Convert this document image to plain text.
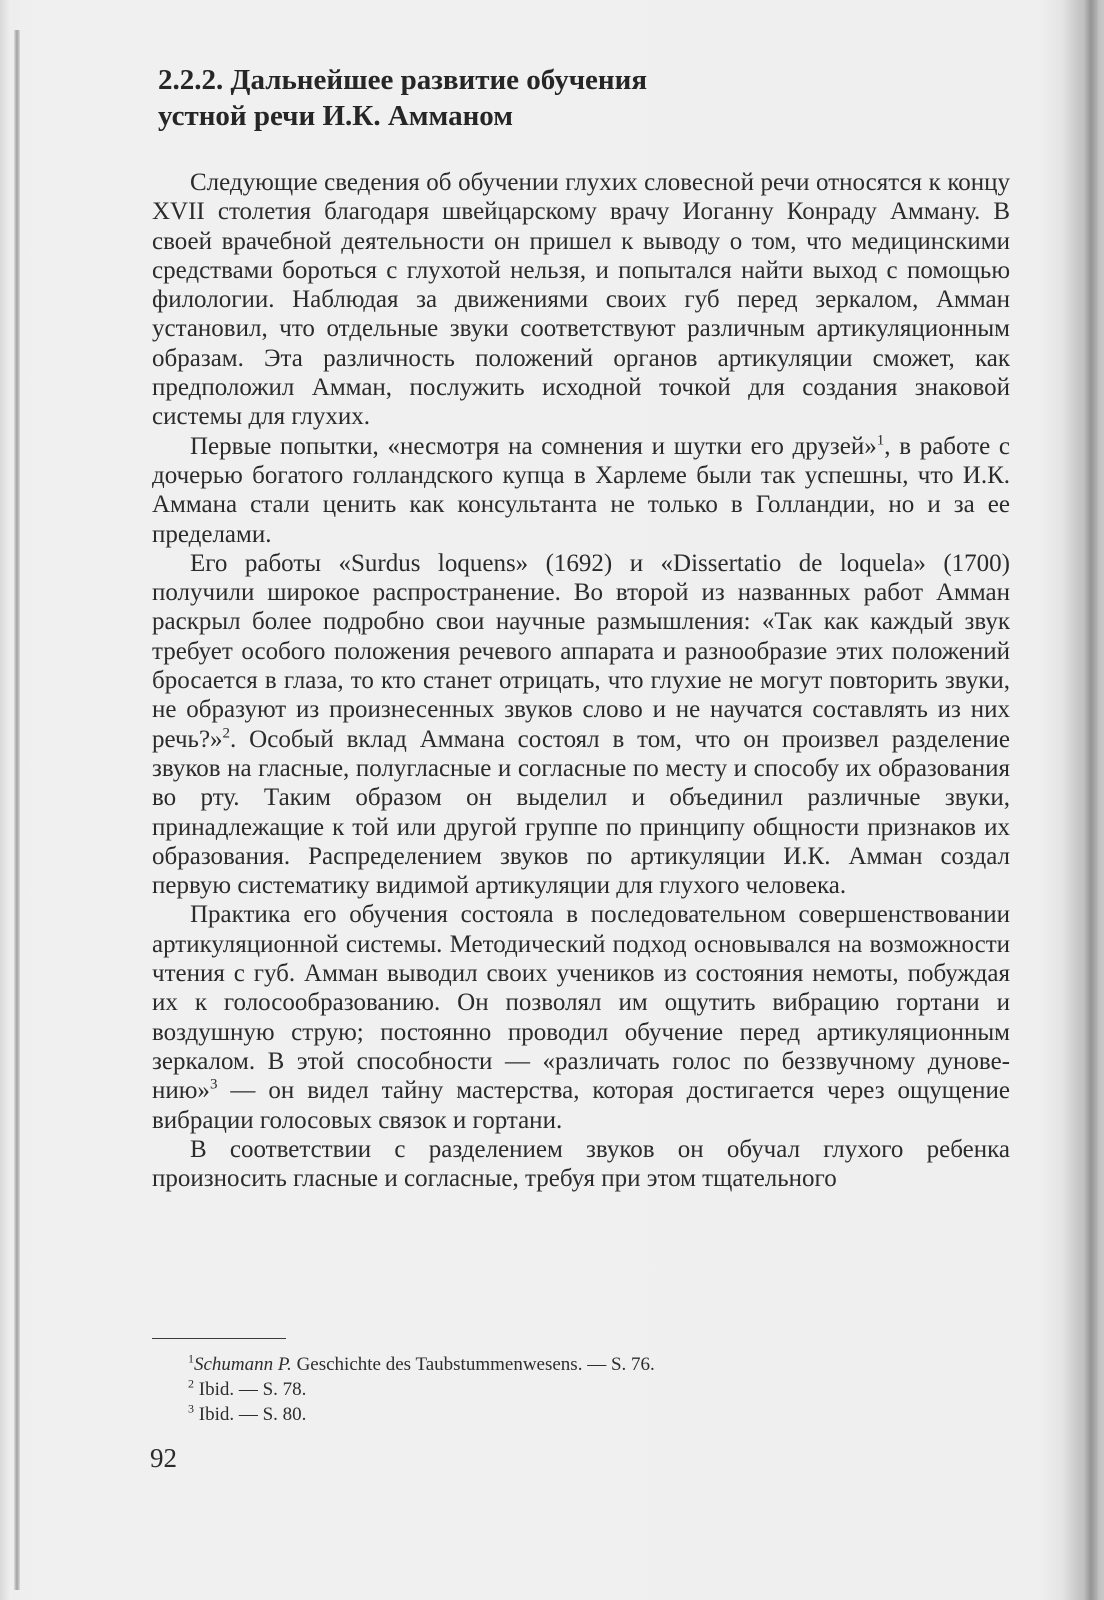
2.2.2. Дальнейшее развитие обучения
устной речи И.К. Амманом

Следующие сведения об обучении глухих словесной речи относятся к концу XVII столетия благодаря швейцарскому врачу Иоганну Конраду Амману. В своей врачебной деятельности он пришел к выводу о том, что медицинскими средствами бороться с глухотой нельзя, и попытался найти выход с помощью филологии. Наблюдая за движениями своих губ перед зеркалом, Амман установил, что отдельные звуки соответствуют различным артикуляционным образам. Эта различность положений органов артикуляции сможет, как предположил Амман, послужить исходной точкой для создания знаковой системы для глухих.

Первые попытки, «несмотря на сомнения и шутки его друзей»$^1$, в работе с дочерью богатого голландского купца в Харлеме были так успешны, что И.К. Аммана стали ценить как консультанта не только в Голландии, но и за ее пределами.

Его работы «Surdus loquens» (1692) и «Dissertatio de loquela» (1700) получили широкое распространение. Во второй из названных работ Амман раскрыл более подробно свои научные размышления: «Так как каждый звук требует особого положения речевого аппарата и разнообразие этих положений бросается в глаза, то кто станет отрицать, что глухие не могут повторить звуки, не образуют из произнесенных звуков слово и не научатся составлять из них речь?»$^2$. Особый вклад Аммана состоял в том, что он произвел разделение звуков на гласные, полугласные и согласные по месту и способу их образования во рту. Таким образом он выделил и объединил различные звуки, принадлежащие к той или другой группе по принципу общности признаков их образования. Распределением звуков по артикуляции И.К. Амман создал первую систематику видимой артикуляции для глухого человека.

Практика его обучения состояла в последовательном совершенствовании артикуляционной системы. Методический подход основывался на возможности чтения с губ. Амман выводил своих учеников из состояния немоты, побуждая их к голосообразованию. Он позволял им ощутить вибрацию гортани и воздушную струю; постоянно проводил обучение перед артикуляционным зеркалом. В этой способности — «различать голос по беззвучному дуновению»$^3$ — он видел тайну мастерства, которая достигается через ощущение вибрации голосовых связок и гортани.

В соответствии с разделением звуков он обучал глухого ребенка произносить гласные и согласные, требуя при этом тщательного

$^1$Schumann P. Geschichte des Taubstummenwesens. — S. 76.

$^2$ Ibid. — S. 78.

$^3$ Ibid. — S. 80.

92
